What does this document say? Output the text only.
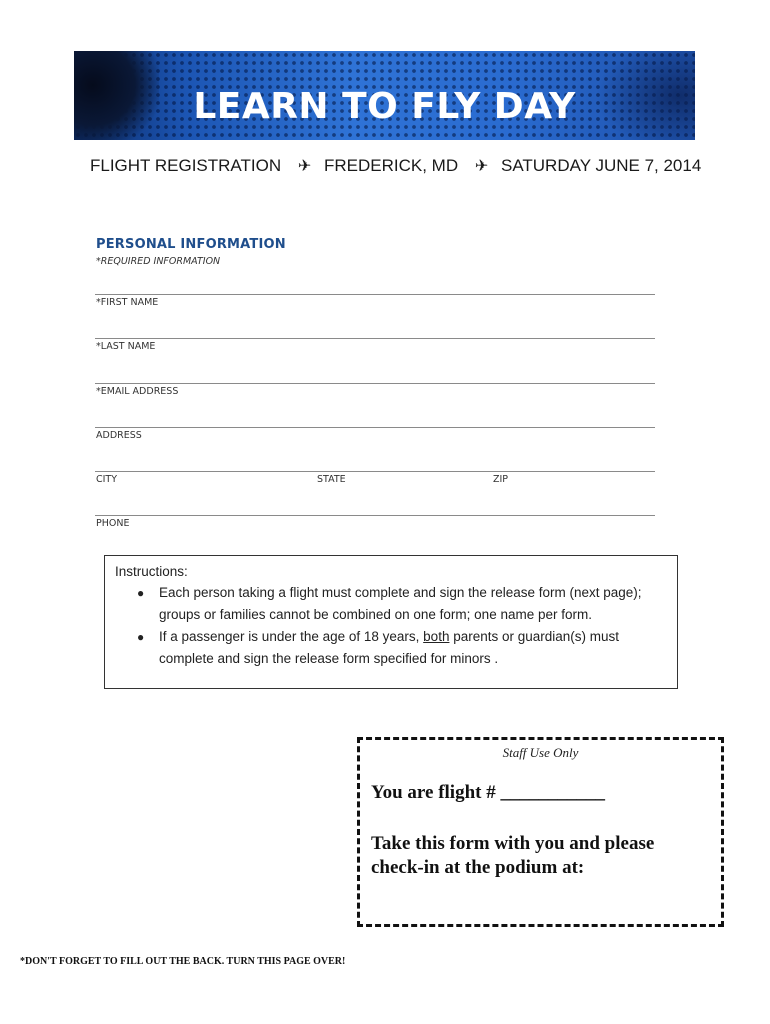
LEARN TO FLY DAY
FLIGHT REGISTRATION ✈ FREDERICK, MD ✈ SATURDAY JUNE 7, 2014
PERSONAL INFORMATION
*REQUIRED INFORMATION
*FIRST NAME
*LAST NAME
*EMAIL ADDRESS
ADDRESS
CITY	STATE	ZIP
PHONE
Instructions:
● Each person taking a flight must complete and sign the release form (next page); groups or families cannot be combined on one form; one name per form.
● If a passenger is under the age of 18 years, both parents or guardian(s) must complete and sign the release form specified for minors .
Staff Use Only
You are flight # ___________
Take this form with you and please check-in at the podium at:
*DON'T FORGET TO FILL OUT THE BACK. TURN THIS PAGE OVER!
